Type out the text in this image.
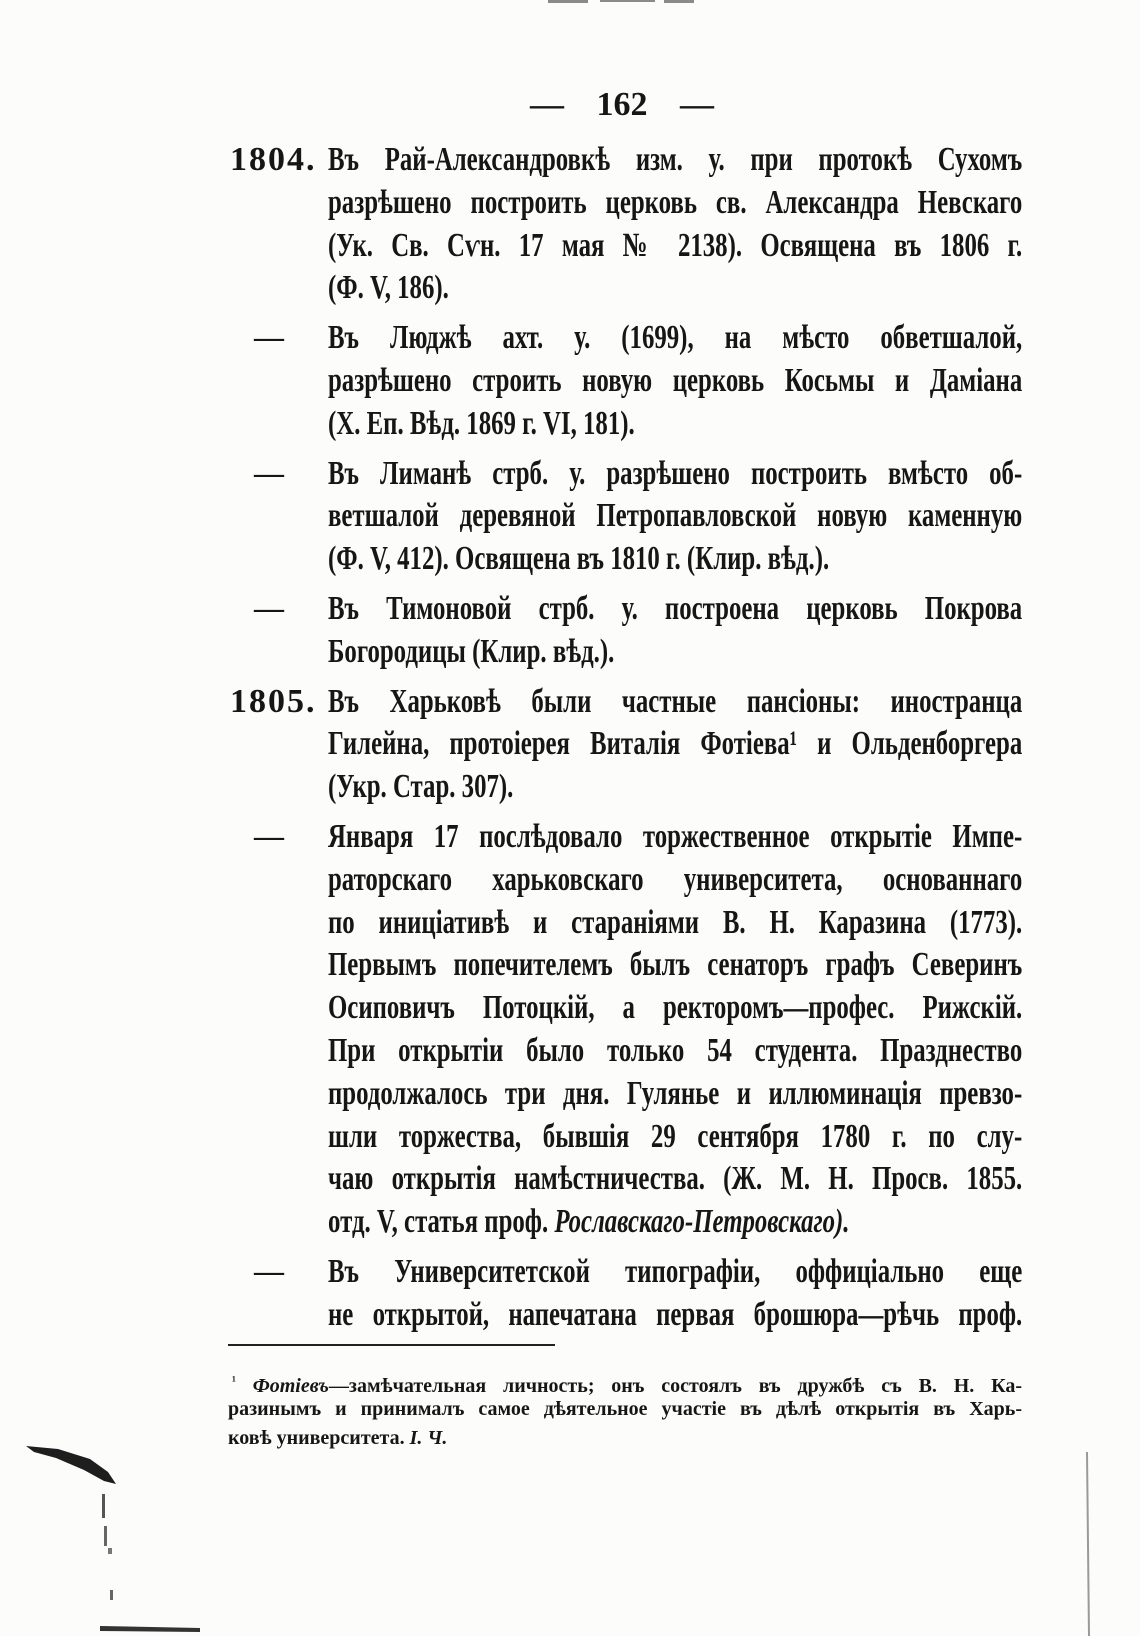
— 162 —
1804. Въ Рай-Александровкѣ изм. у. при протокѣ Сухомъ
разрѣшено построить церковь св. Александра Невскаго
(Ук. Св. Сѵн. 17 мая № 2138). Освящена въ 1806 г.
(Ф. V, 186).
— Въ Люджѣ ахт. у. (1699), на мѣсто обветшалой,
разрѣшено строить новую церковь Косьмы и Даміана
(Х. Еп. Вѣд. 1869 г. VI, 181).
— Въ Лиманѣ стрб. у. разрѣшено построить вмѣсто об-
ветшалой деревяной Петропавловской новую каменную
(Ф. V, 412). Освящена въ 1810 г. (Клир. вѣд.).
— Въ Тимоновой стрб. у. построена церковь Покрова
Богородицы (Клир. вѣд.).
1805. Въ Харьковѣ были частные пансіоны: иностранца
Гилейна, протоіерея Виталія Фотіева¹ и Ольденборгера
(Укр. Стар. 307).
— Января 17 послѣдовало торжественное открытіе Импе-
раторскаго харьковскаго университета, основаннаго
по иниціативѣ и стараніями В. Н. Каразина (1773).
Первымъ попечителемъ былъ сенаторъ графъ Северинъ
Осиповичъ Потоцкій, а ректоромъ—профес. Рижскій.
При открытіи было только 54 студента. Празднество
продолжалось три дня. Гулянье и иллюминація превзо-
шли торжества, бывшія 29 сентября 1780 г. по слу-
чаю открытія намѣстничества. (Ж. М. Н. Просв. 1855.
отд. V, статья проф. Рославскаго-Петровскаго).
— Въ Университетской типографіи, оффиціально еще
не открытой, напечатана первая брошюра—рѣчь проф.
$^{^1}$ Фотіевъ—замѣчательная личность; онъ состоялъ въ дружбѣ съ В. Н. Ка-
разинымъ и принималъ самое дѣятельное участіе въ дѣлѣ открытія въ Харь-
ковѣ университета. І. Ч.
